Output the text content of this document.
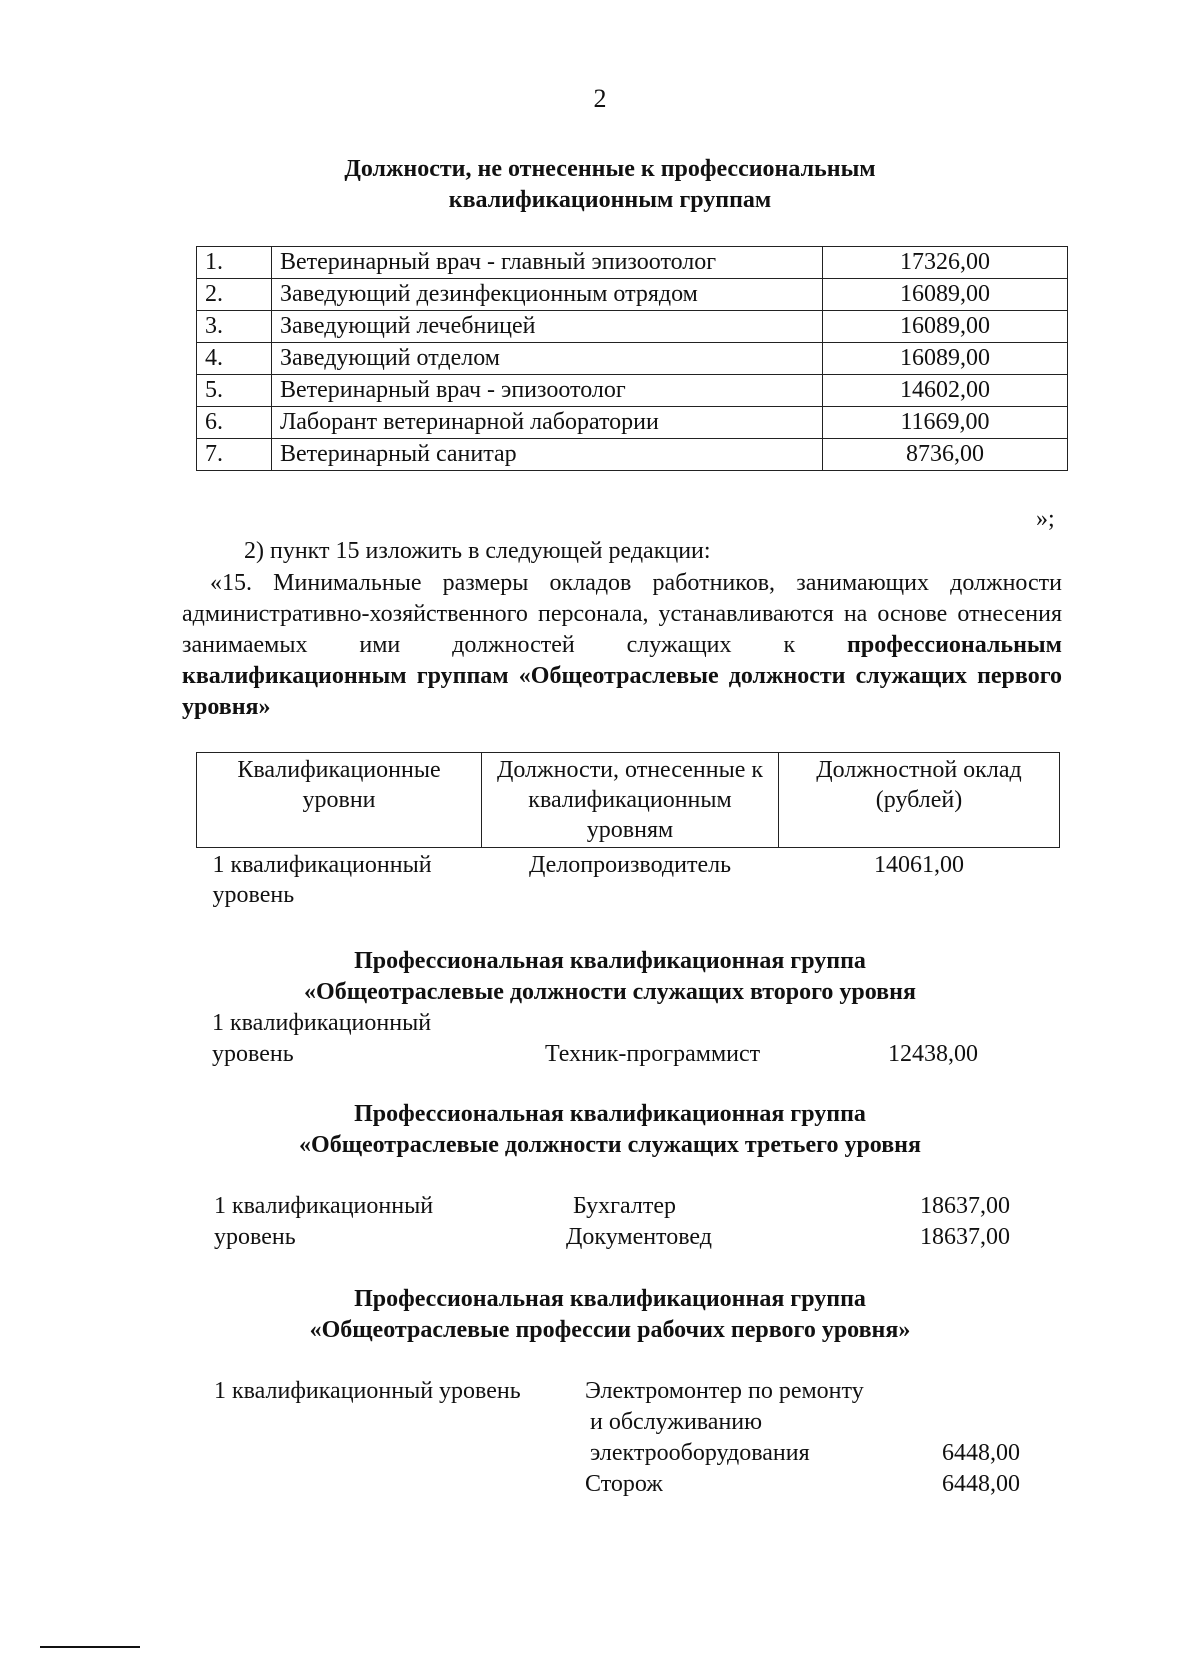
2
Должности, не отнесенные к профессиональным
квалификационным группам
1.	Ветеринарный врач - главный эпизоотолог	17326,00
2.	Заведующий дезинфекционным отрядом	16089,00
3.	Заведующий лечебницей	16089,00
4.	Заведующий отделом	16089,00
5.	Ветеринарный врач - эпизоотолог	14602,00
6.	Лаборант ветеринарной лаборатории	11669,00
7.	Ветеринарный санитар	8736,00
»;
2) пункт 15 изложить в следующей редакции:
«15. Минимальные размеры окладов работников, занимающих должности административно-хозяйственного персонала, устанавливаются на основе отнесения занимаемых ими должностей служащих к профессиональным квалификационным группам «Общеотраслевые должности служащих первого уровня»
Квалификационные уровни	Должности, отнесенные к квалификационным уровням	Должностной оклад (рублей)
1 квалификационный уровень	Делопроизводитель	14061,00
Профессиональная квалификационная группа
«Общеотраслевые должности служащих второго уровня
1 квалификационный
уровень	Техник-программист	12438,00
Профессиональная квалификационная группа
«Общеотраслевые должности служащих третьего уровня
1 квалификационный
уровень
Бухгалтер	18637,00
Документовед	18637,00
Профессиональная квалификационная группа
«Общеотраслевые профессии рабочих первого уровня»
1 квалификационный уровень	Электромонтер по ремонту
и обслуживанию
электрооборудования	6448,00
Сторож	6448,00
